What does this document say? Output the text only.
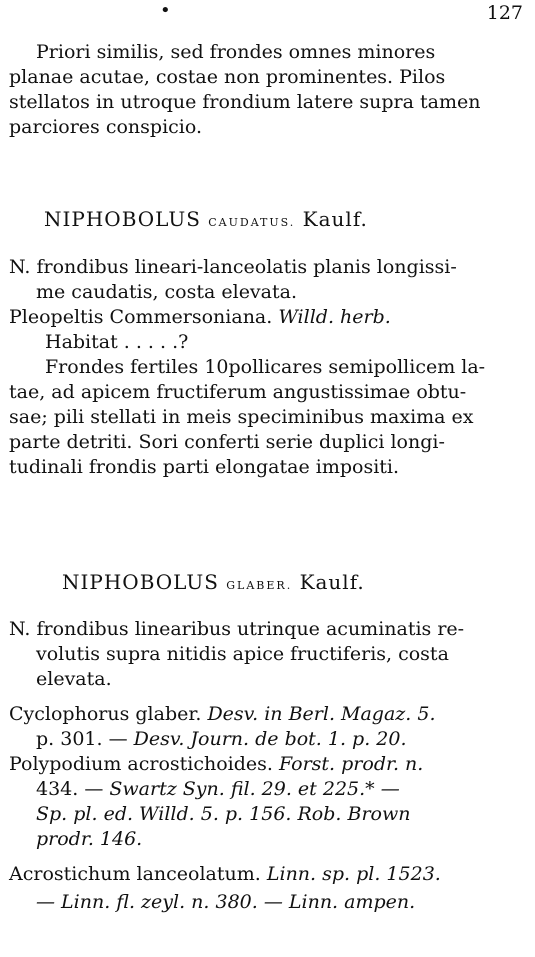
•	127
Priori similis, sed frondes omnes minores
planae acutae, costae non prominentes. Pilos
stellatos in utroque frondium latere supra tamen
parciores conspicio.
NIPHOBOLUS CAUDATUS. Kaulf.
N. frondibus lineari-lanceolatis planis longissi-
me caudatis, costa elevata.
Pleopeltis Commersoniana. Willd. herb.
Habitat . . . . .?
Frondes fertiles 10pollicares semipollicem la-
tae, ad apicem fructiferum angustissimae obtu-
sae; pili stellati in meis speciminibus maxima ex
parte detriti. Sori conferti serie duplici longi-
tudinali frondis parti elongatae impositi.
NIPHOBOLUS GLABER. Kaulf.
N. frondibus linearibus utrinque acuminatis re-
volutis supra nitidis apice fructiferis, costa
elevata.
Cyclophorus glaber. Desv. in Berl. Magaz. 5.
p. 301. — Desv. Journ. de bot. 1. p. 20.
Polypodium acrostichoides. Forst. prodr. n.
434. — Swartz Syn. fil. 29. et 225.* —
Sp. pl. ed. Willd. 5. p. 156. Rob. Brown
prodr. 146.
Acrostichum lanceolatum. Linn. sp. pl. 1523.
— Linn. fl. zeyl. n. 380. — Linn. ampen.
